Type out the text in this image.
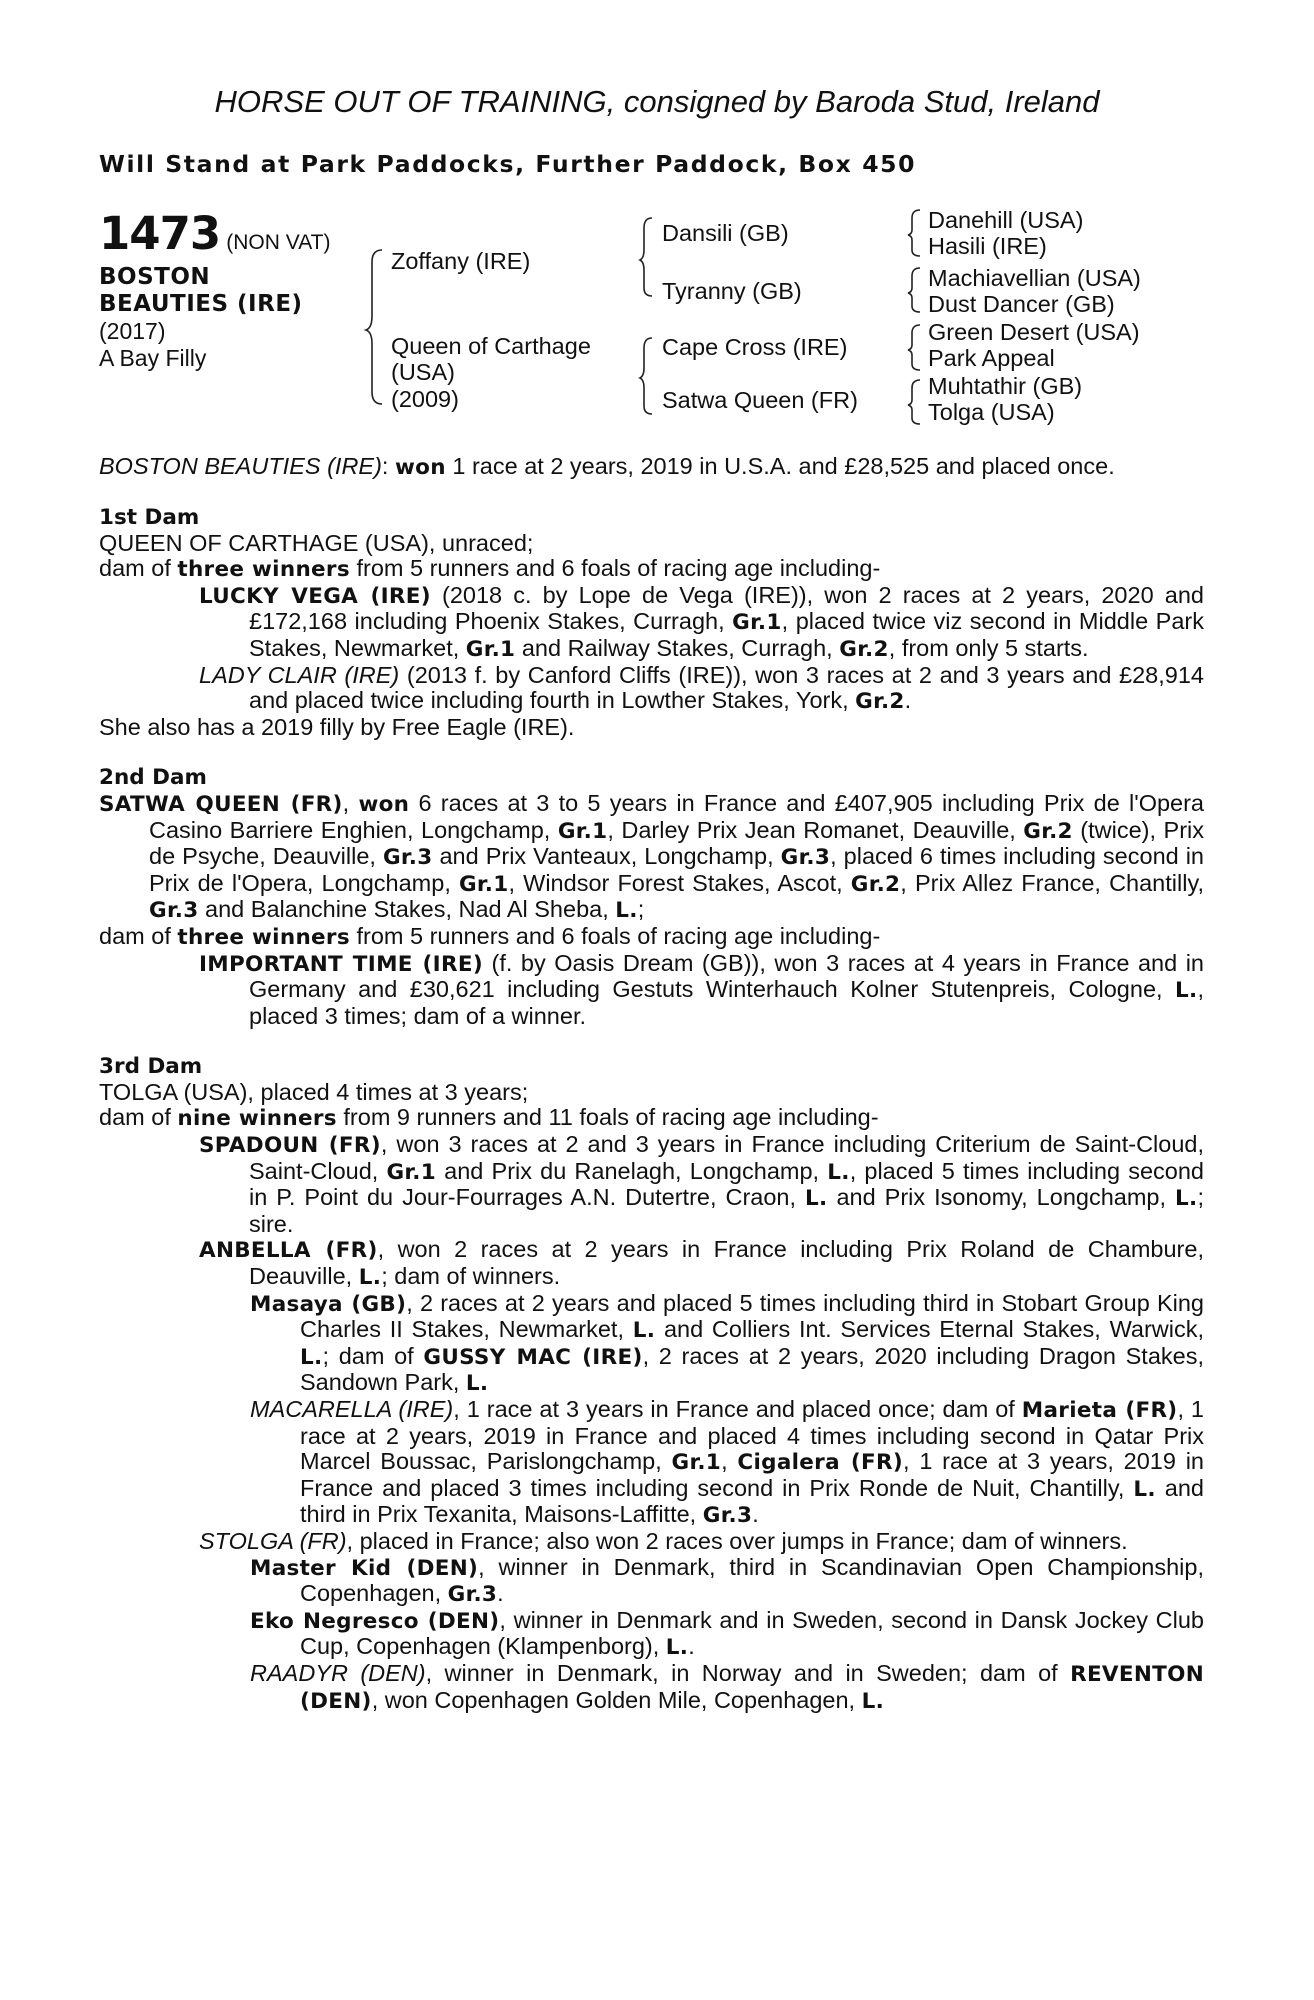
HORSE OUT OF TRAINING, consigned by Baroda Stud, Ireland
Will Stand at Park Paddocks, Further Paddock, Box 450
1473 (NON VAT)
BOSTON
BEAUTIES (IRE)
(2017)
A Bay Filly
Zoffany (IRE)
Queen of Carthage
(USA)
(2009)
Dansili (GB)
Tyranny (GB)
Cape Cross (IRE)
Satwa Queen (FR)
Danehill (USA)
Hasili (IRE)
Machiavellian (USA)
Dust Dancer (GB)
Green Desert (USA)
Park Appeal
Muhtathir (GB)
Tolga (USA)
BOSTON BEAUTIES (IRE): won 1 race at 2 years, 2019 in U.S.A. and £28,525 and placed once.
1st Dam

QUEEN OF CARTHAGE (USA), unraced;

dam of three winners from 5 runners and 6 foals of racing age including-

LUCKY VEGA (IRE) (2018 c. by Lope de Vega (IRE)), won 2 races at 2 years, 2020 and £172,168 including Phoenix Stakes, Curragh, Gr.1, placed twice viz second in Middle Park Stakes, Newmarket, Gr.1 and Railway Stakes, Curragh, Gr.2, from only 5 starts.

LADY CLAIR (IRE) (2013 f. by Canford Cliffs (IRE)), won 3 races at 2 and 3 years and £28,914 and placed twice including fourth in Lowther Stakes, York, Gr.2.

She also has a 2019 filly by Free Eagle (IRE).

2nd Dam

SATWA QUEEN (FR), won 6 races at 3 to 5 years in France and £407,905 including Prix de l'Opera Casino Barriere Enghien, Longchamp, Gr.1, Darley Prix Jean Romanet, Deauville, Gr.2 (twice), Prix de Psyche, Deauville, Gr.3 and Prix Vanteaux, Longchamp, Gr.3, placed 6 times including second in Prix de l'Opera, Longchamp, Gr.1, Windsor Forest Stakes, Ascot, Gr.2, Prix Allez France, Chantilly, Gr.3 and Balanchine Stakes, Nad Al Sheba, L.;

dam of three winners from 5 runners and 6 foals of racing age including-

IMPORTANT TIME (IRE) (f. by Oasis Dream (GB)), won 3 races at 4 years in France and in Germany and £30,621 including Gestuts Winterhauch Kolner Stutenpreis, Cologne, L., placed 3 times; dam of a winner.

3rd Dam

TOLGA (USA), placed 4 times at 3 years;

dam of nine winners from 9 runners and 11 foals of racing age including-

SPADOUN (FR), won 3 races at 2 and 3 years in France including Criterium de Saint-Cloud, Saint-Cloud, Gr.1 and Prix du Ranelagh, Longchamp, L., placed 5 times including second in P. Point du Jour-Fourrages A.N. Dutertre, Craon, L. and Prix Isonomy, Longchamp, L.; sire.

ANBELLA (FR), won 2 races at 2 years in France including Prix Roland de Chambure, Deauville, L.; dam of winners.

Masaya (GB), 2 races at 2 years and placed 5 times including third in Stobart Group King Charles II Stakes, Newmarket, L. and Colliers Int. Services Eternal Stakes, Warwick, L.; dam of GUSSY MAC (IRE), 2 races at 2 years, 2020 including Dragon Stakes, Sandown Park, L.

MACARELLA (IRE), 1 race at 3 years in France and placed once; dam of Marieta (FR), 1 race at 2 years, 2019 in France and placed 4 times including second in Qatar Prix Marcel Boussac, Parislongchamp, Gr.1, Cigalera (FR), 1 race at 3 years, 2019 in France and placed 3 times including second in Prix Ronde de Nuit, Chantilly, L. and third in Prix Texanita, Maisons-Laffitte, Gr.3.

STOLGA (FR), placed in France; also won 2 races over jumps in France; dam of winners.

Master Kid (DEN), winner in Denmark, third in Scandinavian Open Championship, Copenhagen, Gr.3.

Eko Negresco (DEN), winner in Denmark and in Sweden, second in Dansk Jockey Club Cup, Copenhagen (Klampenborg), L..

RAADYR (DEN), winner in Denmark, in Norway and in Sweden; dam of REVENTON (DEN), won Copenhagen Golden Mile, Copenhagen, L.
